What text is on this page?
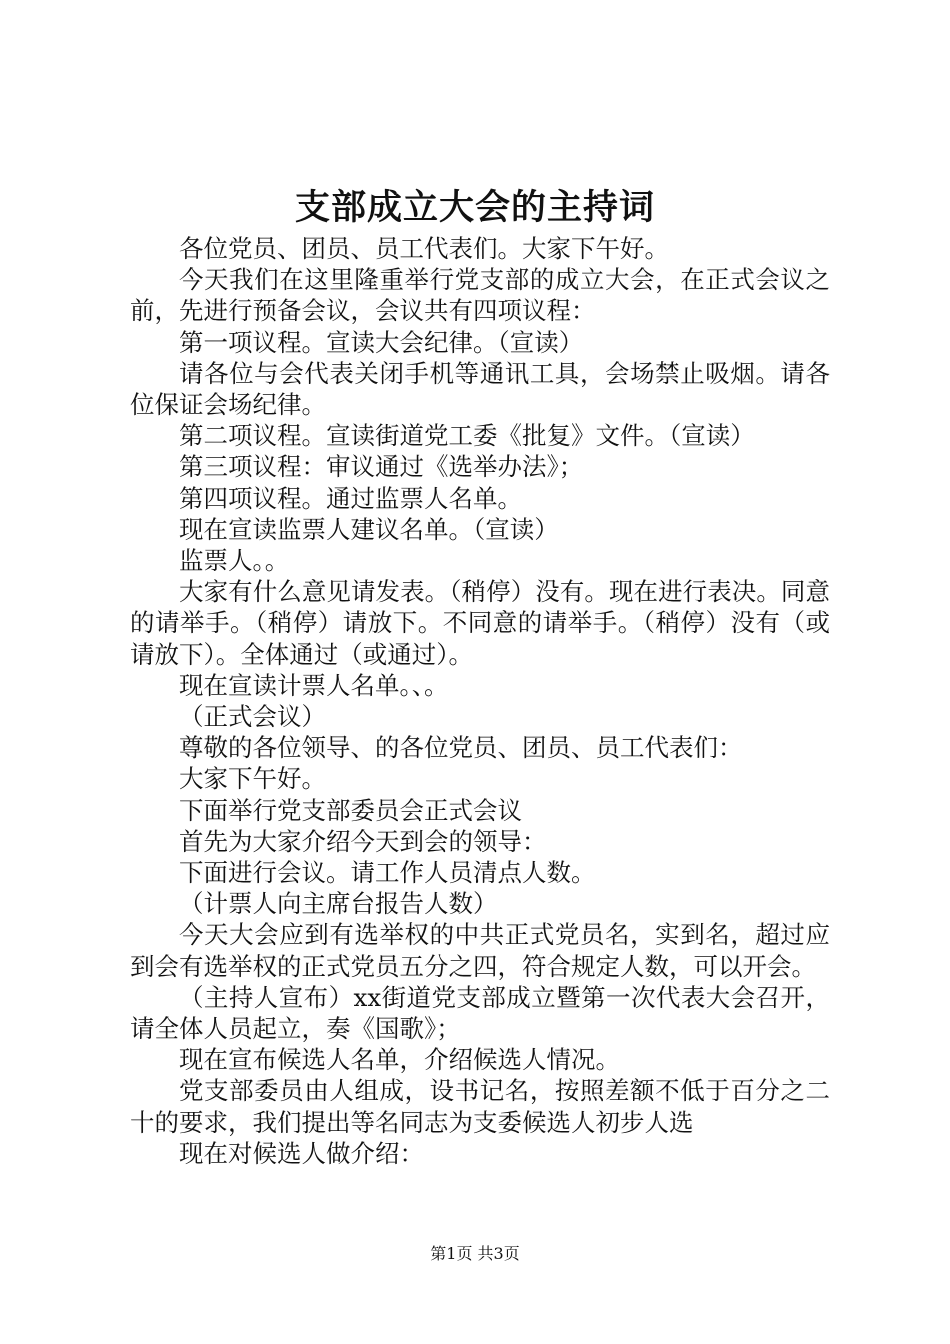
支部成立大会的主持词

各位党员、团员、员工代表们。大家下午好。

今天我们在这里隆重举行党支部的成立大会，在正式会议之前，先进行预备会议，会议共有四项议程：

第一项议程。宣读大会纪律。（宣读）

请各位与会代表关闭手机等通讯工具，会场禁止吸烟。请各位保证会场纪律。

第二项议程。宣读街道党工委《批复》文件。（宣读）

第三项议程：审议通过《选举办法》；

第四项议程。通过监票人名单。

现在宣读监票人建议名单。（宣读）

监票人。。

大家有什么意见请发表。（稍停）没有。现在进行表决。同意的请举手。（稍停）请放下。不同意的请举手。（稍停）没有（或请放下）。全体通过（或通过）。

现在宣读计票人名单。、。

（正式会议）

尊敬的各位领导、的各位党员、团员、员工代表们：

大家下午好。

下面举行党支部委员会正式会议

首先为大家介绍今天到会的领导：

下面进行会议。请工作人员清点人数。

（计票人向主席台报告人数）

今天大会应到有选举权的中共正式党员名，实到名，超过应到会有选举权的正式党员五分之四，符合规定人数，可以开会。

（主持人宣布）xx街道党支部成立暨第一次代表大会召开，请全体人员起立，奏《国歌》；

现在宣布候选人名单，介绍候选人情况。

党支部委员由人组成，设书记名，按照差额不低于百分之二十的要求，我们提出等名同志为支委候选人初步人选

现在对候选人做介绍：

第1页 共3页
